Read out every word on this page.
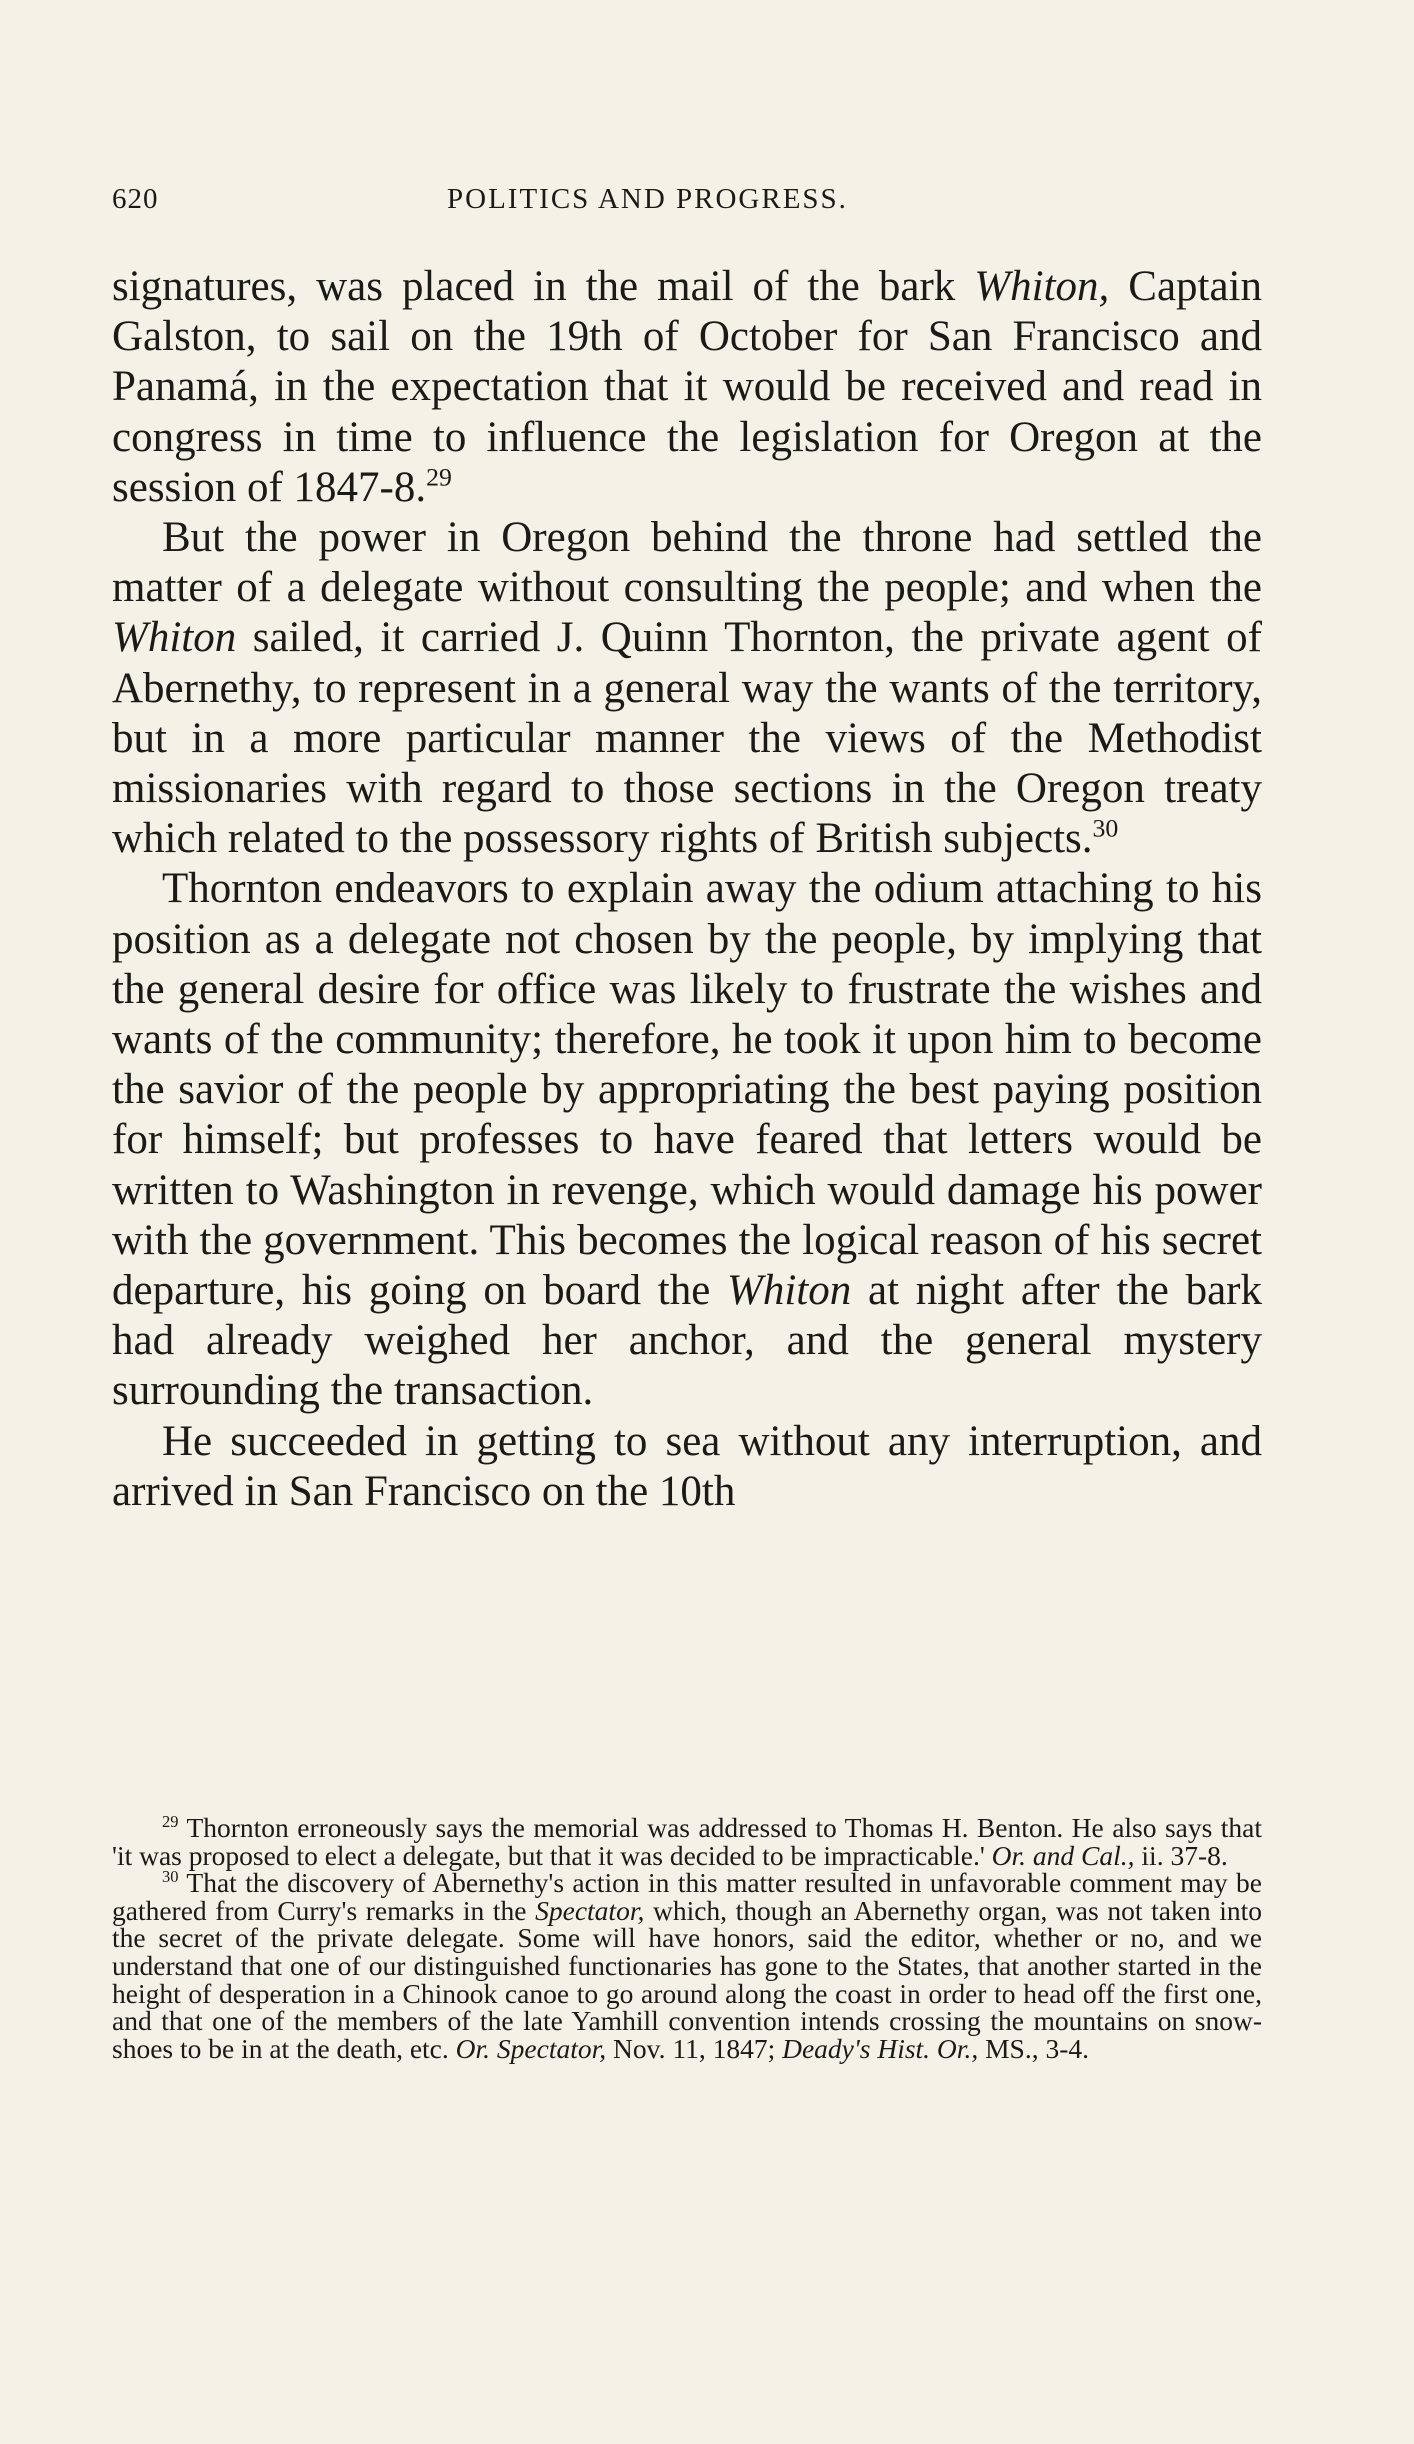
620	POLITICS AND PROGRESS.

signatures, was placed in the mail of the bark Whiton, Captain Galston, to sail on the 19th of October for San Francisco and Panamá, in the expectation that it would be received and read in congress in time to influence the legislation for Oregon at the session of 1847-8.29

But the power in Oregon behind the throne had settled the matter of a delegate without consulting the people; and when the Whiton sailed, it carried J. Quinn Thornton, the private agent of Abernethy, to represent in a general way the wants of the territory, but in a more particular manner the views of the Methodist missionaries with regard to those sections in the Oregon treaty which related to the possessory rights of British subjects.$^{30}$

Thornton endeavors to explain away the odium attaching to his position as a delegate not chosen by the people, by implying that the general desire for office was likely to frustrate the wishes and wants of the community; therefore, he took it upon him to become the savior of the people by appropriating the best paying position for himself; but professes to have feared that letters would be written to Washington in revenge, which would damage his power with the government. This becomes the logical reason of his secret departure, his going on board the Whiton at night after the bark had already weighed her anchor, and the general mystery surrounding the transaction.

He succeeded in getting to sea without any interruption, and arrived in San Francisco on the 10th

$^{29}$ Thornton erroneously says the memorial was addressed to Thomas H. Benton. He also says that 'it was proposed to elect a delegate, but that it was decided to be impracticable.' Or. and Cal., ii. 37-8.

$^{30}$ That the discovery of Abernethy's action in this matter resulted in unfavorable comment may be gathered from Curry's remarks in the Spectator, which, though an Abernethy organ, was not taken into the secret of the private delegate. Some will have honors, said the editor, whether or no, and we understand that one of our distinguished functionaries has gone to the States, that another started in the height of desperation in a Chinook canoe to go around along the coast in order to head off the first one, and that one of the members of the late Yamhill convention intends crossing the mountains on snow-shoes to be in at the death, etc. Or. Spectator, Nov. 11, 1847; Deady's Hist. Or., MS., 3-4.
